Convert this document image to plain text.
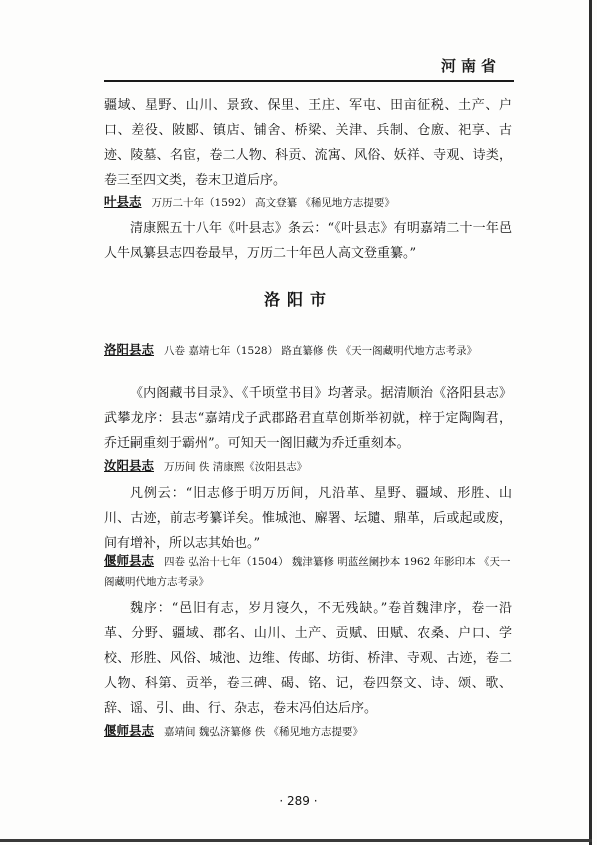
河南省
疆域、星野、山川、景致、保里、王庄、军屯、田亩征税、土产、户口、差役、陂郾、镇店、铺舍、桥梁、关津、兵制、仓廒、祀享、古迹、陵墓、名宦，卷二人物、科贡、流寓、风俗、妖祥、寺观、诗类，卷三至四文类，卷末卫道后序。
叶县志 万历二十年（1592） 高文登纂 《稀见地方志提要》
清康熙五十八年《叶县志》条云：“《叶县志》有明嘉靖二十一年邑人牛凤纂县志四卷最早，万历二十年邑人高文登重纂。”
洛阳市
洛阳县志 八卷 嘉靖七年（1528） 路直纂修 佚 《天一阁藏明代地方志考录》
《内阁藏书目录》、《千顷堂书目》均著录。据清顺治《洛阳县志》武攀龙序：县志“嘉靖戊子武郡路君直草创斯举初就，梓于定陶陶君，乔迁嗣重刻于霸州”。可知天一阁旧藏为乔迁重刻本。
汝阳县志 万历间 佚 清康熙《汝阳县志》
凡例云：“旧志修于明万历间，凡沿革、星野、疆域、形胜、山川、古迹，前志考纂详矣。惟城池、廨署、坛壝、鼎革，后或起或废，间有增补，所以志其始也。”
偃师县志 四卷 弘治十七年（1504） 魏津纂修 明蓝丝阑抄本 1962 年影印本 《天一阁藏明代地方志考录》
魏序：“邑旧有志，岁月寖久，不无残缺。”卷首魏津序，卷一沿革、分野、疆域、郡名、山川、土产、贡赋、田赋、农桑、户口、学校、形胜、风俗、城池、边维、传邮、坊街、桥津、寺观、古迹，卷二人物、科第、贡举，卷三碑、碣、铭、记，卷四祭文、诗、颂、歌、辞、谣、引、曲、行、杂志，卷末冯伯达后序。
偃师县志 嘉靖间 魏弘济纂修 佚 《稀见地方志提要》
· 289 ·
